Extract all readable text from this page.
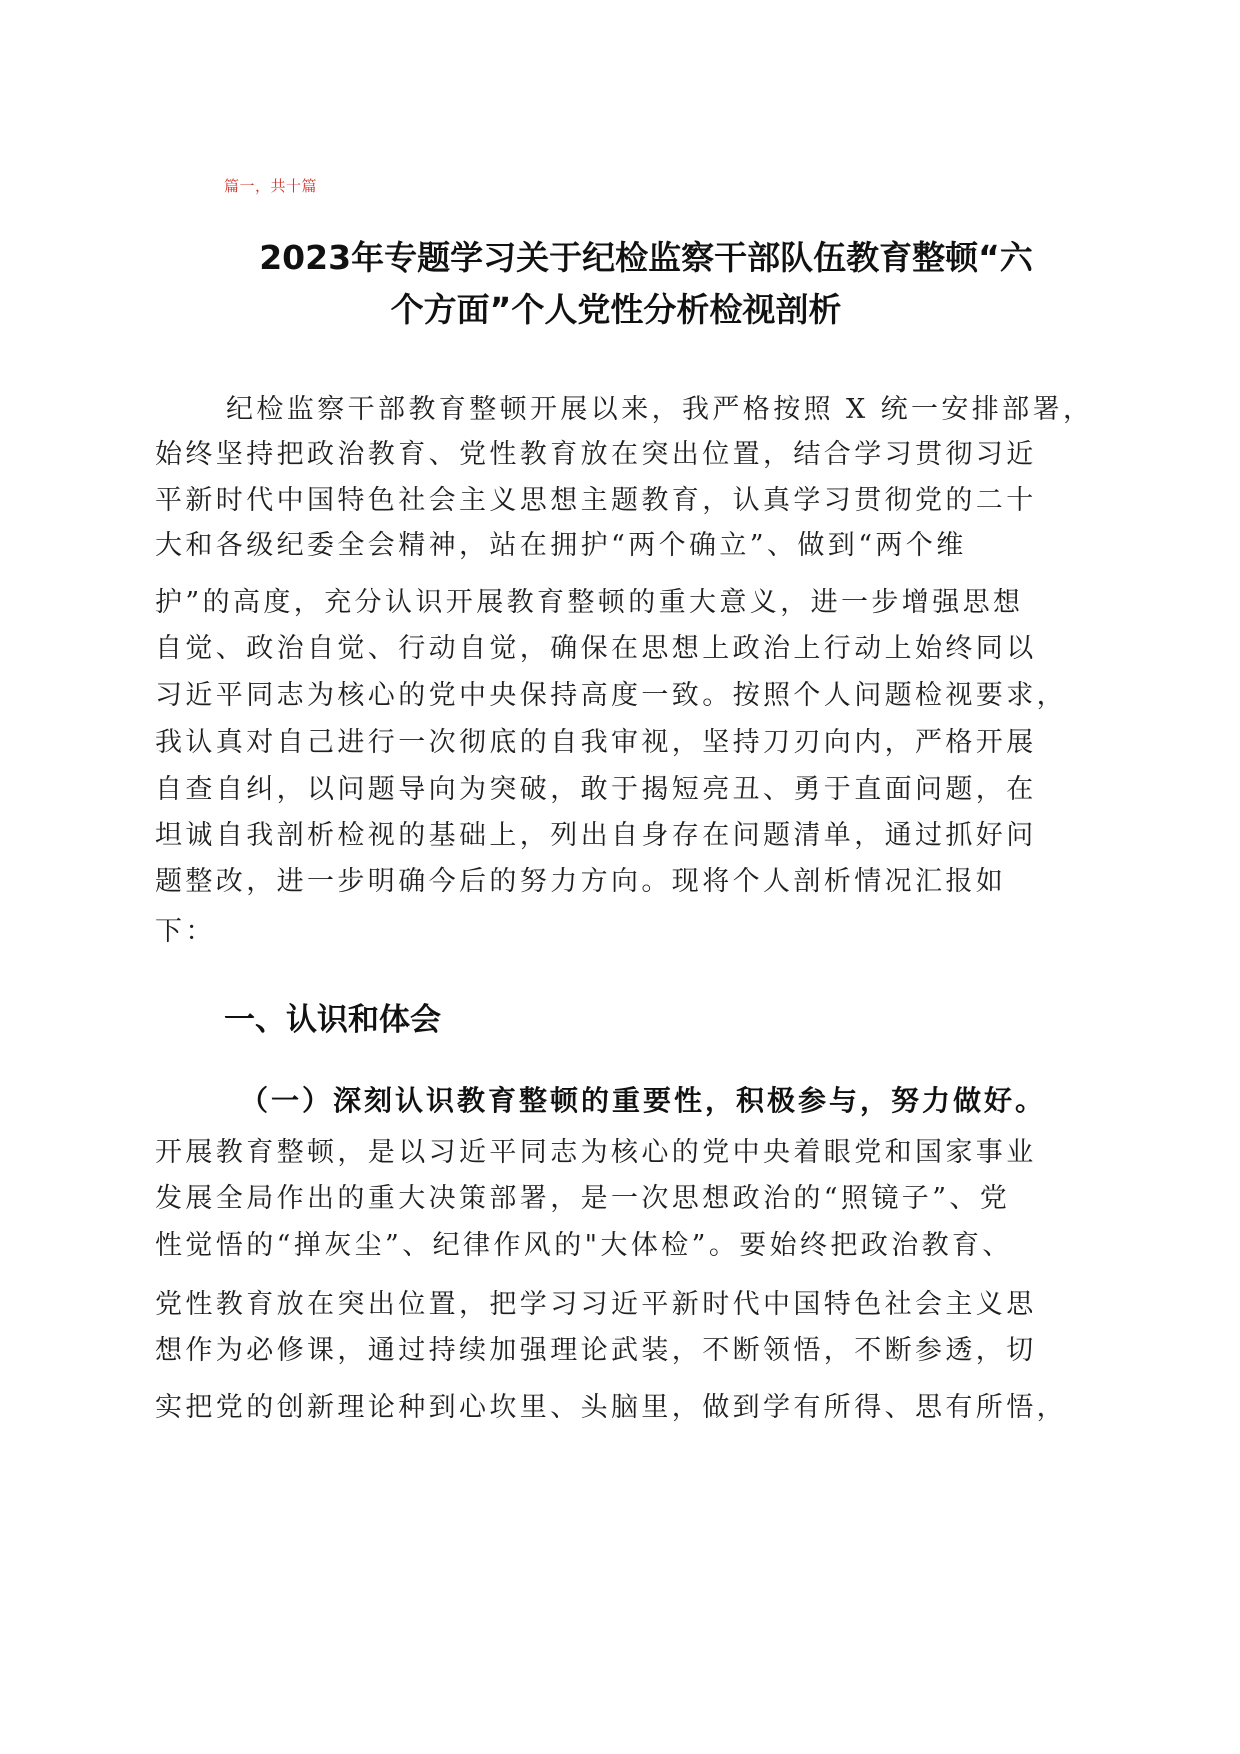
篇一，共十篇
2023年专题学习关于纪检监察干部队伍教育整顿“六
个方面”个人党性分析检视剖析
纪检监察干部教育整顿开展以来，我严格按照 X 统一安排部署，
始终坚持把政治教育、党性教育放在突出位置，结合学习贯彻习近
平新时代中国特色社会主义思想主题教育，认真学习贯彻党的二十
大和各级纪委全会精神，站在拥护“两个确立”、做到“两个维
护”的高度，充分认识开展教育整顿的重大意义，进一步增强思想
自觉、政治自觉、行动自觉，确保在思想上政治上行动上始终同以
习近平同志为核心的党中央保持高度一致。按照个人问题检视要求，
我认真对自己进行一次彻底的自我审视，坚持刀刃向内，严格开展
自查自纠，以问题导向为突破，敢于揭短亮丑、勇于直面问题，在
坦诚自我剖析检视的基础上，列出自身存在问题清单，通过抓好问
题整改，进一步明确今后的努力方向。现将个人剖析情况汇报如
下：
一、认识和体会
（一）深刻认识教育整顿的重要性，积极参与，努力做好。
开展教育整顿，是以习近平同志为核心的党中央着眼党和国家事业
发展全局作出的重大决策部署，是一次思想政治的“照镜子”、党
性觉悟的“掸灰尘”、纪律作风的"大体检”。要始终把政治教育、
党性教育放在突出位置，把学习习近平新时代中国特色社会主义思
想作为必修课，通过持续加强理论武装，不断领悟，不断参透，切
实把党的创新理论种到心坎里、头脑里，做到学有所得、思有所悟，
